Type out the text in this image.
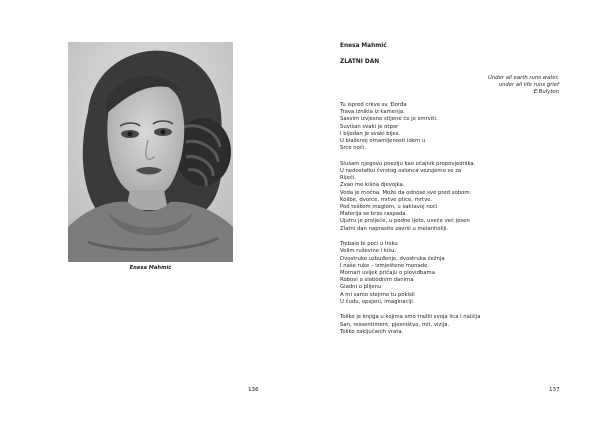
Enesa Mahmić
136
Enesa Mahmić
ZLATNI DAN
Under all earth runs water,
under all life runs grief
E.Bulyton
Tu ispred crkve sv. Đorđa
Trava iznikla iz kamenja.
Sasvim izvjesno stijene će je smrviti.
Suvišan svaki je otpor
I bijedan je svaki bijes.
U blaženoj omamljenosti idem u
Srce noći.
Slušam njegovu poeziju kao očajnik propovjednika.
U nedostatku čvrstog oslonca vezujemo se za
Riječi.
Zvao me kišna djevojka.
Voda je moćna. Može da odnose sve pred sobom:
Kolibe, dvorce, mrtve ptice, mrtve.
Pod teškom maglom, u šaktavoj noći
Materija se brzo raspada.
Ujutru je proljeće, u podne ljeto, uveče već jesen
Zlatni dan naprasito završi u melanholiji.
Trebalo bi poći u Irsku
Volim ruševine i kišu.
Dvostruko uzbuđenje, dvostruka čežnja
I naše ruke – izmještene monade.
Mornari uvijek pričaju o plovidbama
Robovi o slobodnim danima
Gladni o plijenu
A mi samo stojimo tu pokisli
U čudu, opsjeni, imaginaciji.
Toliko je knjiga u kojima smo tražili svoja lica i naličja
San, ressentiment, pjesništvo, mit, vizija.
Toliko zaključanih vrata.
137
